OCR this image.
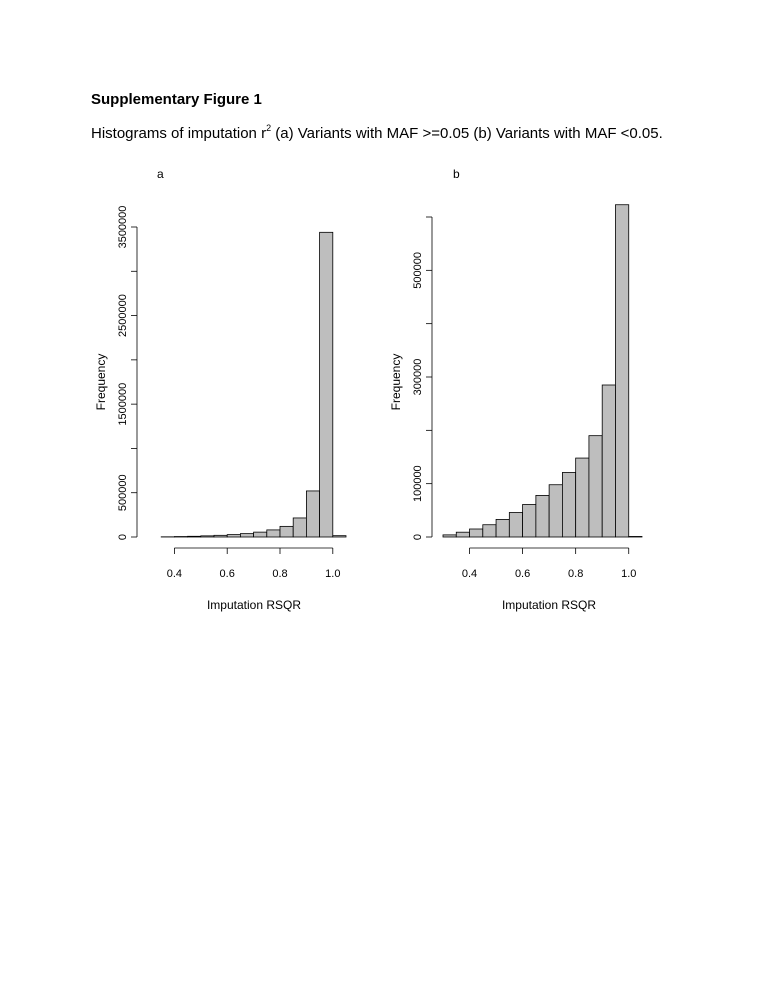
Supplementary Figure 1
Histograms of imputation $r^2$ (a) Variants with MAF >=0.05 (b) Variants with MAF <0.05.
a
0
500000
1500000
2500000
3500000
0.4	0.6	0.8	1.0
Imputation RSQR
Frequency
b
0
100000
300000
500000
0.4	0.6	0.8	1.0
Imputation RSQR
Frequency
